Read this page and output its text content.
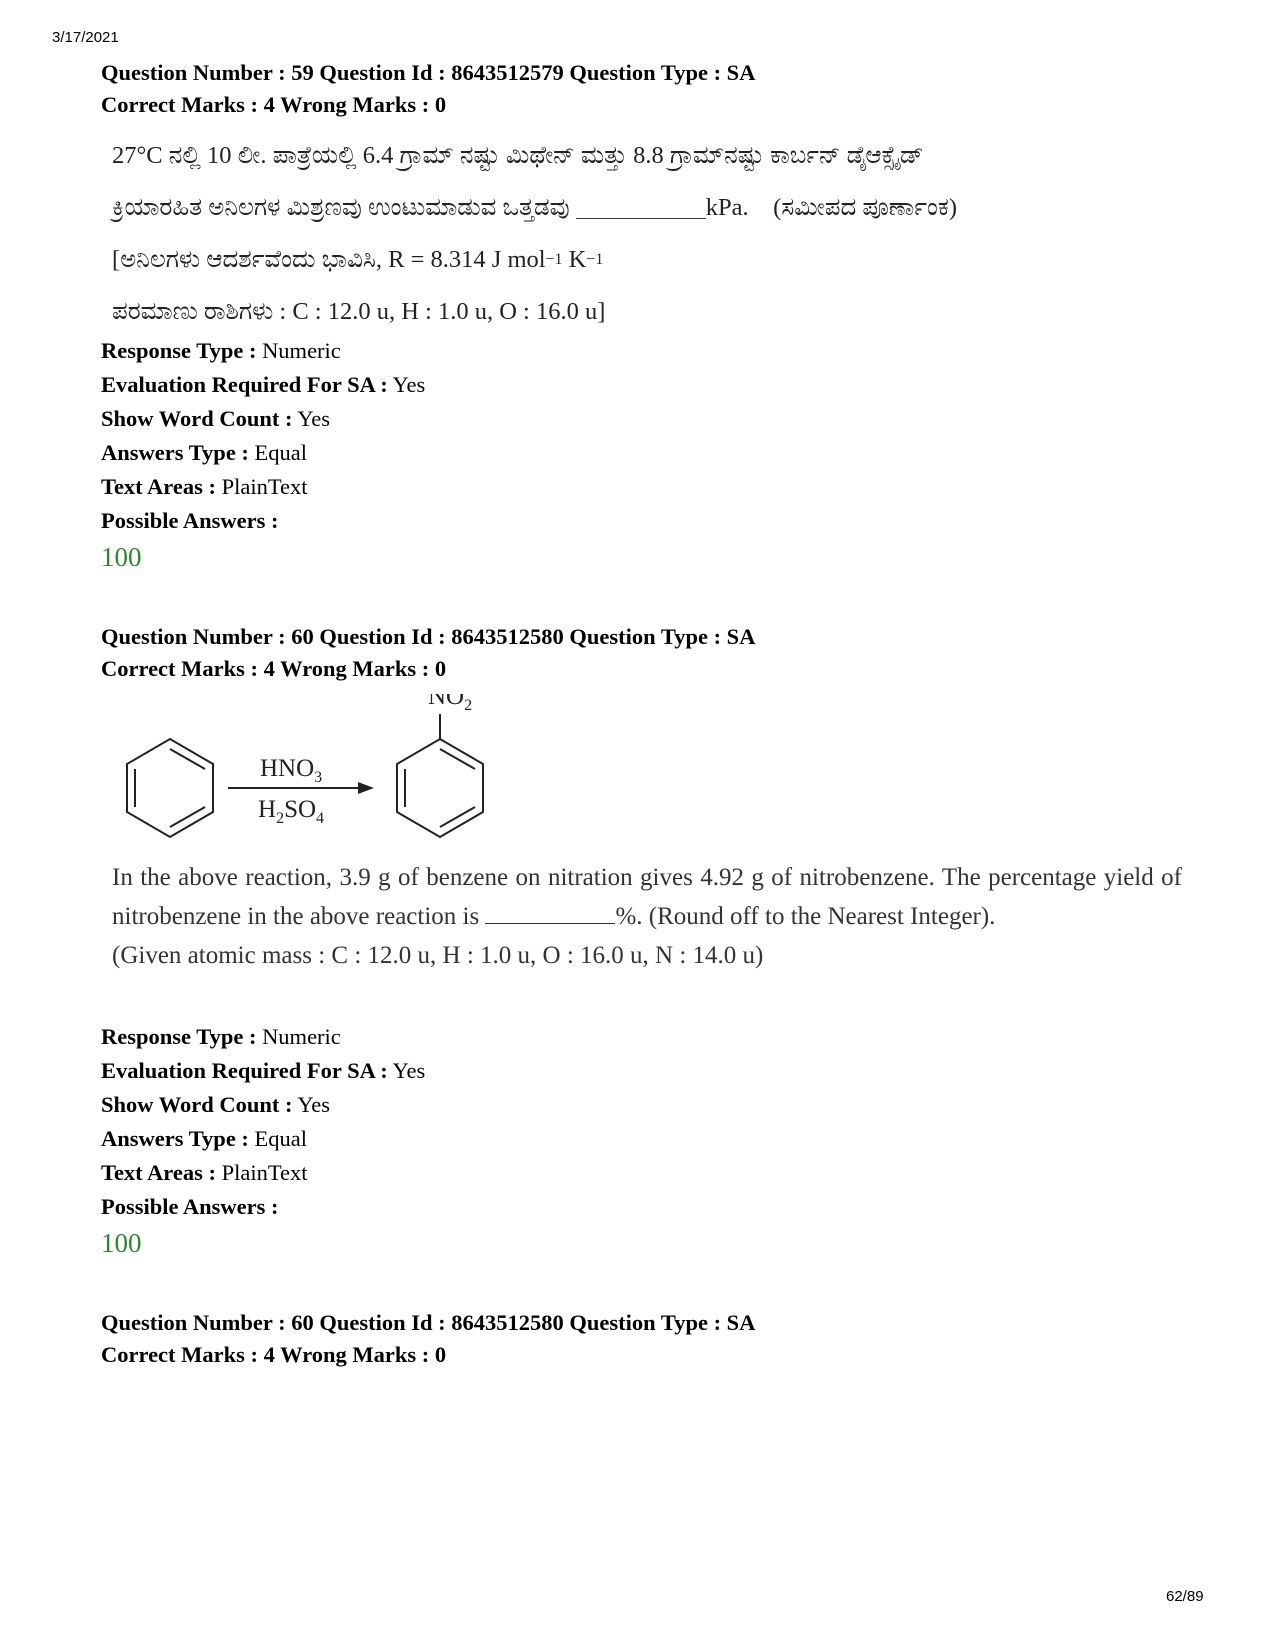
3/17/2021
Question Number : 59 Question Id : 8643512579 Question Type : SA
Correct Marks : 4 Wrong Marks : 0
27°C ನಲ್ಲಿ 10 ಲೀ. ಪಾತ್ರೆಯಲ್ಲಿ 6.4 ಗ್ರಾಮ್ ನಷ್ಟು ಮಿಥೇನ್ ಮತ್ತು 8.8 ಗ್ರಾಮ್‌ನಷ್ಟು ಕಾರ್ಬನ್ ಡೈಆಕ್ಸೈಡ್
ಕ್ರಿಯಾರಹಿತ ಅನಿಲಗಳ ಮಿಶ್ರಣವು ಉಂಟುಮಾಡುವ ಒತ್ತಡವು
	kPa.
(ಸಮೀಪದ ಪೂರ್ಣಾಂಕ)
[ಅನಿಲಗಳು ಆದರ್ಶವೆಂದು ಭಾವಿಸಿ, R = 8.314 J mol −1
K −1
ಪರಮಾಣು ರಾಶಿಗಳು : C : 12.0 u, H : 1.0 u, O : 16.0 u]
Response Type : Numeric
Evaluation Required For SA : Yes
Show Word Count : Yes
Answers Type : Equal
Text Areas : PlainText
Possible Answers :
100
Question Number : 60 Question Id : 8643512580 Question Type : SA
Correct Marks : 4 Wrong Marks : 0
$HNO_3$
$H_2SO_4$
$NO_2$
In the above reaction, 3.9 g of benzene on nitration gives 4.92 g of nitrobenzene. The percentage yield of nitrobenzene in the above reaction is	%. (Round off to the Nearest Integer).
(Given atomic mass : C : 12.0 u, H : 1.0 u, O : 16.0 u, N : 14.0 u)
Response Type : Numeric
Evaluation Required For SA : Yes
Show Word Count : Yes
Answers Type : Equal
Text Areas : PlainText
Possible Answers :
100
Question Number : 60 Question Id : 8643512580 Question Type : SA
Correct Marks : 4 Wrong Marks : 0
62/89
